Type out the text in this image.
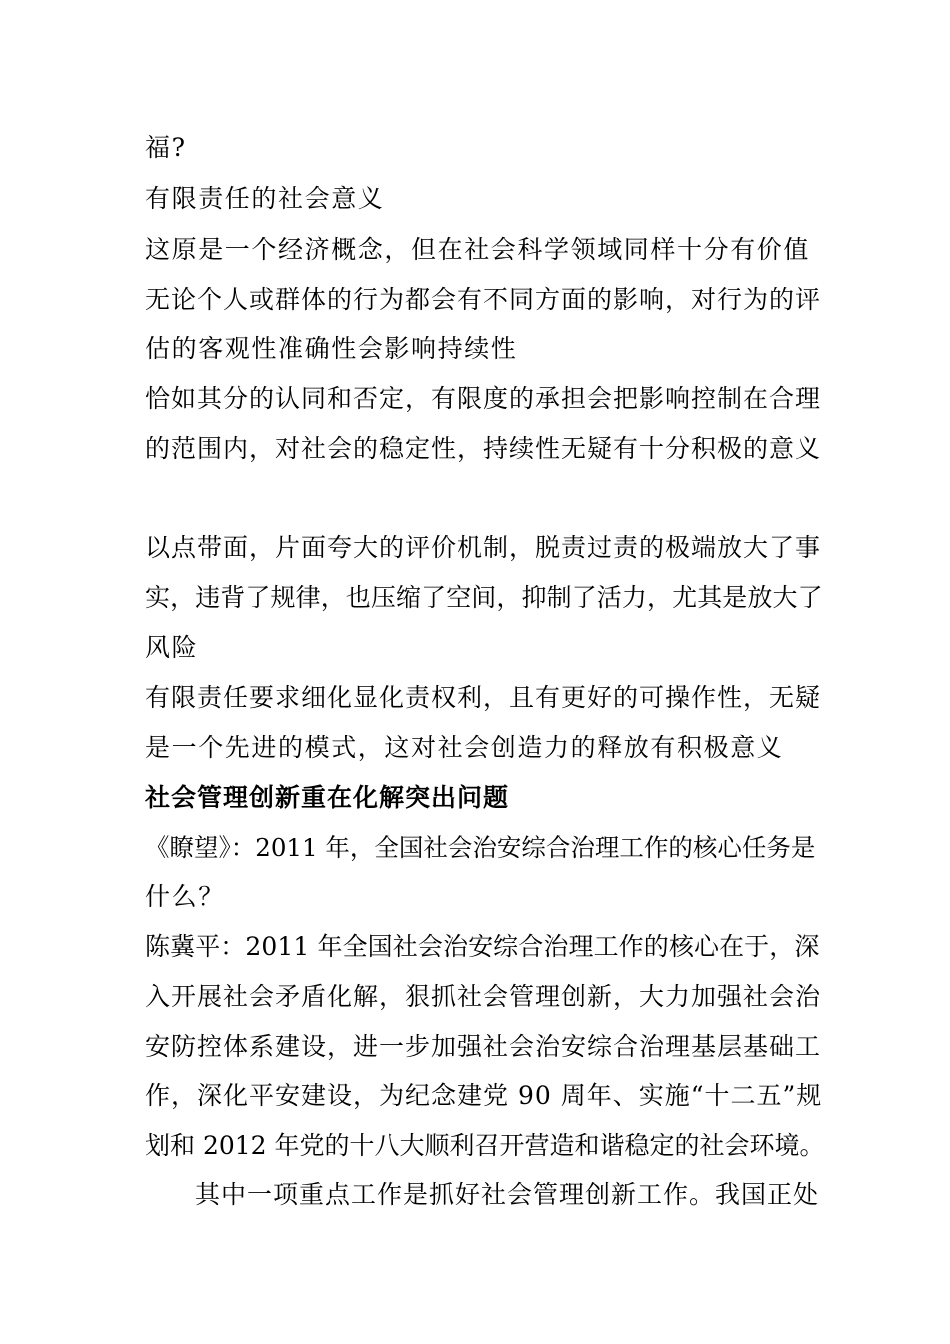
福?
有限责任的社会意义
这原是一个经济概念，但在社会科学领域同样十分有价值
无论个人或群体的行为都会有不同方面的影响，对行为的评
估的客观性准确性会影响持续性
恰如其分的认同和否定，有限度的承担会把影响控制在合理
的范围内，对社会的稳定性，持续性无疑有十分积极的意义
以点带面，片面夸大的评价机制，脱责过责的极端放大了事
实，违背了规律，也压缩了空间，抑制了活力，尤其是放大了
风险
有限责任要求细化显化责权利，且有更好的可操作性，无疑
是一个先进的模式，这对社会创造力的释放有积极意义
社会管理创新重在化解突出问题
《瞭望》：2011 年，全国社会治安综合治理工作的核心任务是
什么？
陈冀平：2011 年全国社会治安综合治理工作的核心在于，深
入开展社会矛盾化解，狠抓社会管理创新，大力加强社会治
安防控体系建设，进一步加强社会治安综合治理基层基础工
作，深化平安建设，为纪念建党 90 周年、实施“十二五”规
划和 2012 年党的十八大顺利召开营造和谐稳定的社会环境。
其中一项重点工作是抓好社会管理创新工作。我国正处
